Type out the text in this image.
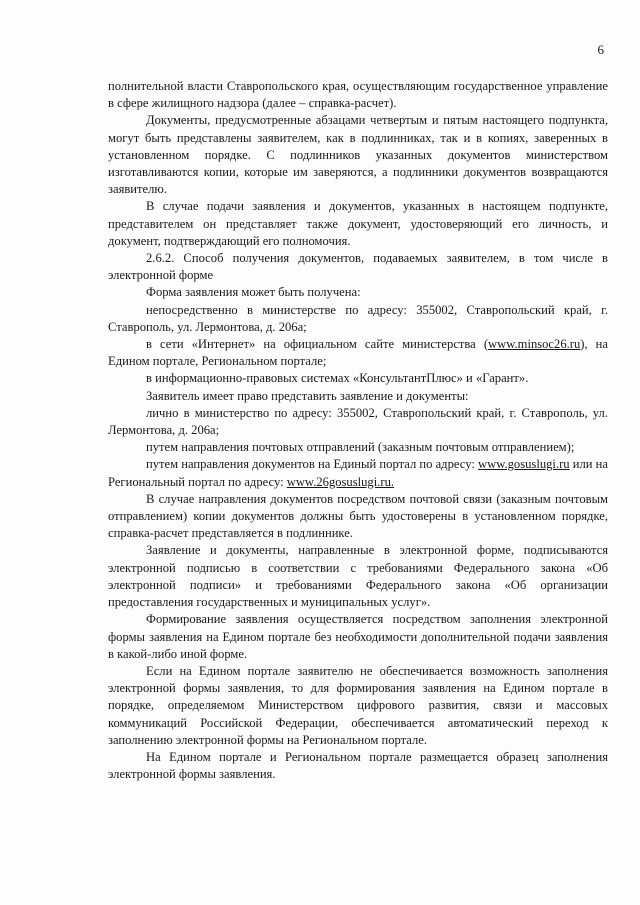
6

полнительной власти Ставропольского края, осуществляющим государственное управление в сфере жилищного надзора (далее – справка-расчет).

Документы, предусмотренные абзацами четвертым и пятым настоящего подпункта, могут быть представлены заявителем, как в подлинниках, так и в копиях, заверенных в установленном порядке. С подлинников указанных документов министерством изготавливаются копии, которые им заверяются, а подлинники документов возвращаются заявителю.

В случае подачи заявления и документов, указанных в настоящем подпункте, представителем он представляет также документ, удостоверяющий его личность, и документ, подтверждающий его полномочия.

2.6.2. Способ получения документов, подаваемых заявителем, в том числе в электронной форме

Форма заявления может быть получена:

непосредственно в министерстве по адресу: 355002, Ставропольский край, г. Ставрополь, ул. Лермонтова, д. 206а;

в сети «Интернет» на официальном сайте министерства (www.minsoc26.ru), на Едином портале, Региональном портале;

в информационно-правовых системах «КонсультантПлюс» и «Гарант».

Заявитель имеет право представить заявление и документы:

лично в министерство по адресу: 355002, Ставропольский край, г. Ставрополь, ул. Лермонтова, д. 206а;

путем направления почтовых отправлений (заказным почтовым отправлением);

путем направления документов на Единый портал по адресу: www.gosuslugi.ru или на Региональный портал по адресу: www.26gosuslugi.ru.

В случае направления документов посредством почтовой связи (заказным почтовым отправлением) копии документов должны быть удостоверены в установленном порядке, справка-расчет представляется в подлиннике.

Заявление и документы, направленные в электронной форме, подписываются электронной подписью в соответствии с требованиями Федерального закона «Об электронной подписи» и требованиями Федерального закона «Об организации предоставления государственных и муниципальных услуг».

Формирование заявления осуществляется посредством заполнения электронной формы заявления на Едином портале без необходимости дополнительной подачи заявления в какой-либо иной форме.

Если на Едином портале заявителю не обеспечивается возможность заполнения электронной формы заявления, то для формирования заявления на Едином портале в порядке, определяемом Министерством цифрового развития, связи и массовых коммуникаций Российской Федерации, обеспечивается автоматический переход к заполнению электронной формы на Региональном портале.

На Едином портале и Региональном портале размещается образец заполнения электронной формы заявления.
